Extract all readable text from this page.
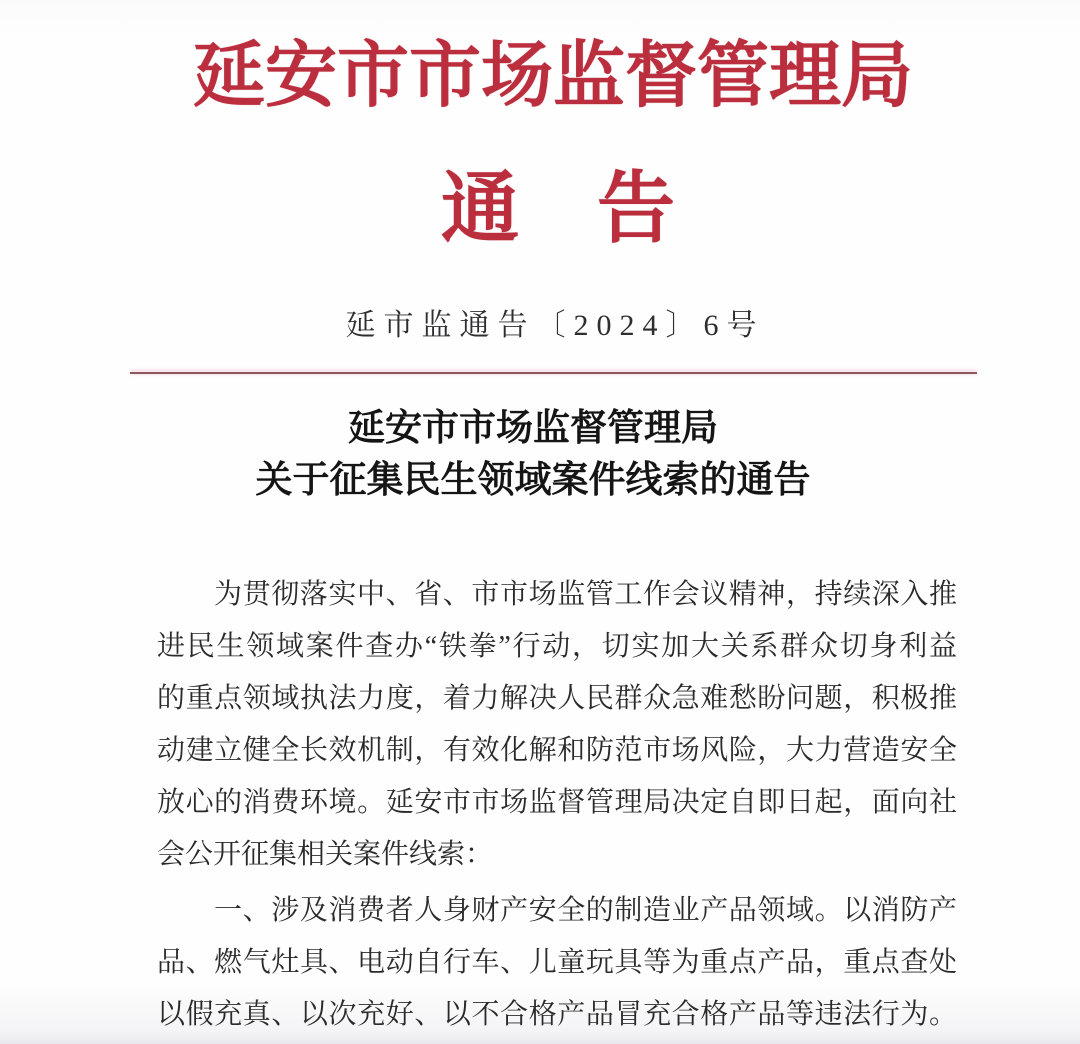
延安市市场监督管理局
通　告
延市监通告〔2024〕6号
延安市市场监督管理局
关于征集民生领域案件线索的通告
为贯彻落实中、省、市市场监管工作会议精神，持续深入推
进民生领域案件查办“铁拳”行动，切实加大关系群众切身利益
的重点领域执法力度，着力解决人民群众急难愁盼问题，积极推
动建立健全长效机制，有效化解和防范市场风险，大力营造安全
放心的消费环境。延安市市场监督管理局决定自即日起，面向社
会公开征集相关案件线索：
一、涉及消费者人身财产安全的制造业产品领域。以消防产
品、燃气灶具、电动自行车、儿童玩具等为重点产品，重点查处
以假充真、以次充好、以不合格产品冒充合格产品等违法行为。
